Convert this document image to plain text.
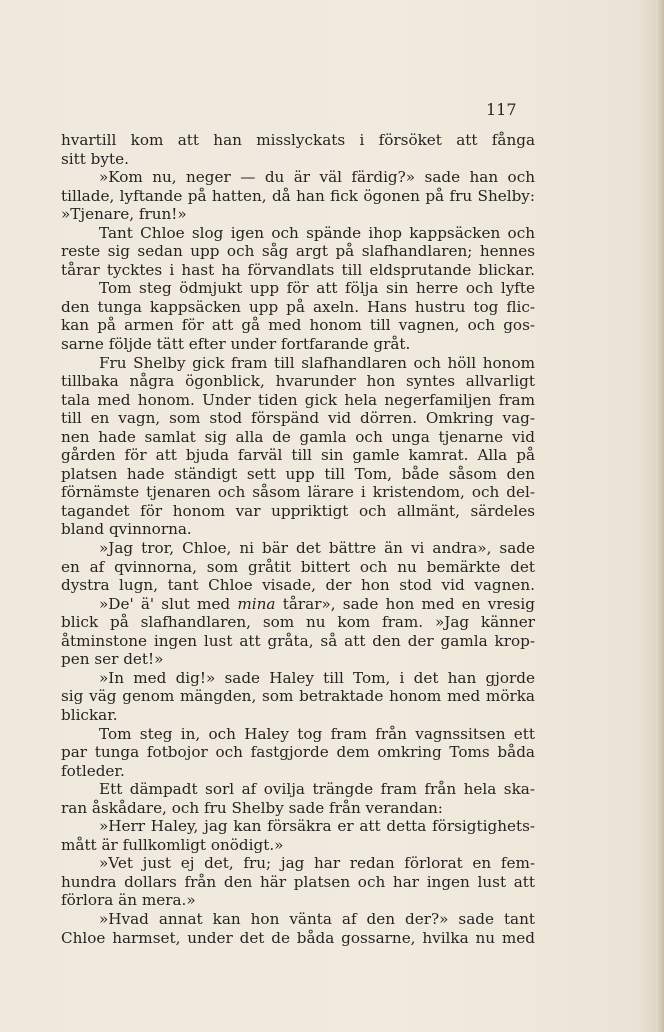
117
hvartill kom att han misslyckats i försöket att fånga
sitt byte.
»Kom nu, neger — du är väl färdig?» sade han och
tillade, lyftande på hatten, då han fick ögonen på fru Shelby:
»Tjenare, frun!»
Tant Chloe slog igen och spände ihop kappsäcken och
reste sig sedan upp och såg argt på slafhandlaren; hennes
tårar tycktes i hast ha förvandlats till eldsprutande blickar.
Tom steg ödmjukt upp för att följa sin herre och lyfte
den tunga kappsäcken upp på axeln. Hans hustru tog flic-
kan på armen för att gå med honom till vagnen, och gos-
sarne följde tätt efter under fortfarande gråt.
Fru Shelby gick fram till slafhandlaren och höll honom
tillbaka några ögonblick, hvarunder hon syntes allvarligt
tala med honom. Under tiden gick hela negerfamiljen fram
till en vagn, som stod förspänd vid dörren. Omkring vag-
nen hade samlat sig alla de gamla och unga tjenarne vid
gården för att bjuda farväl till sin gamle kamrat. Alla på
platsen hade ständigt sett upp till Tom, både såsom den
förnämste tjenaren och såsom lärare i kristendom, och del-
tagandet för honom var uppriktigt och allmänt, särdeles
bland qvinnorna.
»Jag tror, Chloe, ni bär det bättre än vi andra», sade
en af qvinnorna, som gråtit bittert och nu bemärkte det
dystra lugn, tant Chloe visade, der hon stod vid vagnen.
»De' ä' slut med mina tårar», sade hon med en vresig
blick på slafhandlaren, som nu kom fram. »Jag känner
åtminstone ingen lust att gråta, så att den der gamla krop-
pen ser det!»
»In med dig!» sade Haley till Tom, i det han gjorde
sig väg genom mängden, som betraktade honom med mörka
blickar.
Tom steg in, och Haley tog fram från vagnssitsen ett
par tunga fotbojor och fastgjorde dem omkring Toms båda
fotleder.
Ett dämpadt sorl af ovilja trängde fram från hela ska-
ran åskådare, och fru Shelby sade från verandan:
»Herr Haley, jag kan försäkra er att detta försigtighets-
mått är fullkomligt onödigt.»
»Vet just ej det, fru; jag har redan förlorat en fem-
hundra dollars från den här platsen och har ingen lust att
förlora än mera.»
»Hvad annat kan hon vänta af den der?» sade tant
Chloe harmset, under det de båda gossarne, hvilka nu med
